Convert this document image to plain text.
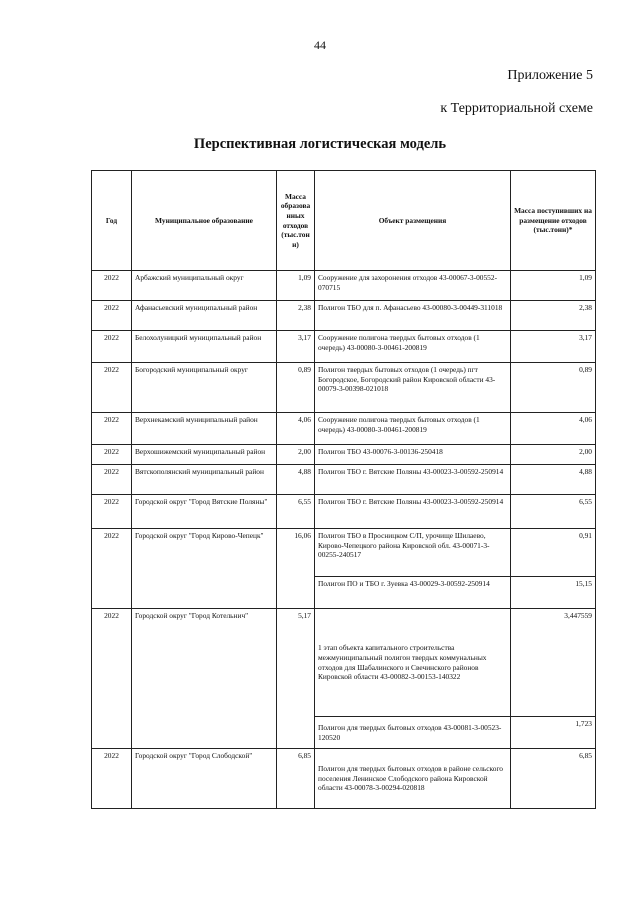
44
Приложение 5
к Территориальной схеме
Перспективная логистическая модель
Год	Муниципальное образование	Масса образова нных отходов (тыс.тон н)	Объект размещения	Масса поступивших на размещение отходов (тыс.тонн)*
2022	Арбажский муниципальный округ	1,09	Сооружение для захоронения отходов 43-00067-3-00552-070715	1,09
2022	Афанасьевский муниципальный район	2,38	Полигон ТБО для п. Афанасьево 43-00080-3-00449-311018	2,38
2022	Белохолуницкий муниципальный район	3,17	Сооружение полигона твердых бытовых отходов (1 очередь) 43-00080-3-00461-200819	3,17
2022	Богородский муниципальный округ	0,89	Полигон твердых бытовых отходов (1 очередь) пгт Богородское, Богородский район Кировской области 43-00079-3-00398-021018	0,89
2022	Верхнекамский муниципальный район	4,06	Сооружение полигона твердых бытовых отходов (1 очередь) 43-00080-3-00461-200819	4,06
2022	Верхошижемский муниципальный район	2,00	Полигон ТБО 43-00076-3-00136-250418	2,00
2022	Вятскополянский муниципальный район	4,88	Полигон ТБО г. Вятские Поляны 43-00023-3-00592-250914	4,88
2022	Городской округ "Город Вятские Поляны"	6,55	Полигон ТБО г. Вятские Поляны 43-00023-3-00592-250914	6,55
2022	Городской округ "Город Кирово-Чепецк"	16,06	Полигон ТБО в Просницком С/П, урочище Шилаево, Кирово-Чепецкого района Кировской обл. 43-00071-3-00255-240517	0,91
			Полигон ПО и ТБО г. Зуевка 43-00029-3-00592-250914	15,15
2022	Городской округ "Город Котельнич"	5,17	1 этап объекта капитального строительства межмуниципальный полигон твердых коммунальных отходов для Шабалинского и Свечинского районов Кировской области 43-00082-3-00153-140322	3,447559
			Полигон для твердых бытовых отходов 43-00081-3-00523-120520	1,723
2022	Городской округ "Город Слободской"	6,85	Полигон для твердых бытовых отходов в районе сельского поселения Ленинское Слободского района Кировской области 43-00078-3-00294-020818	6,85
